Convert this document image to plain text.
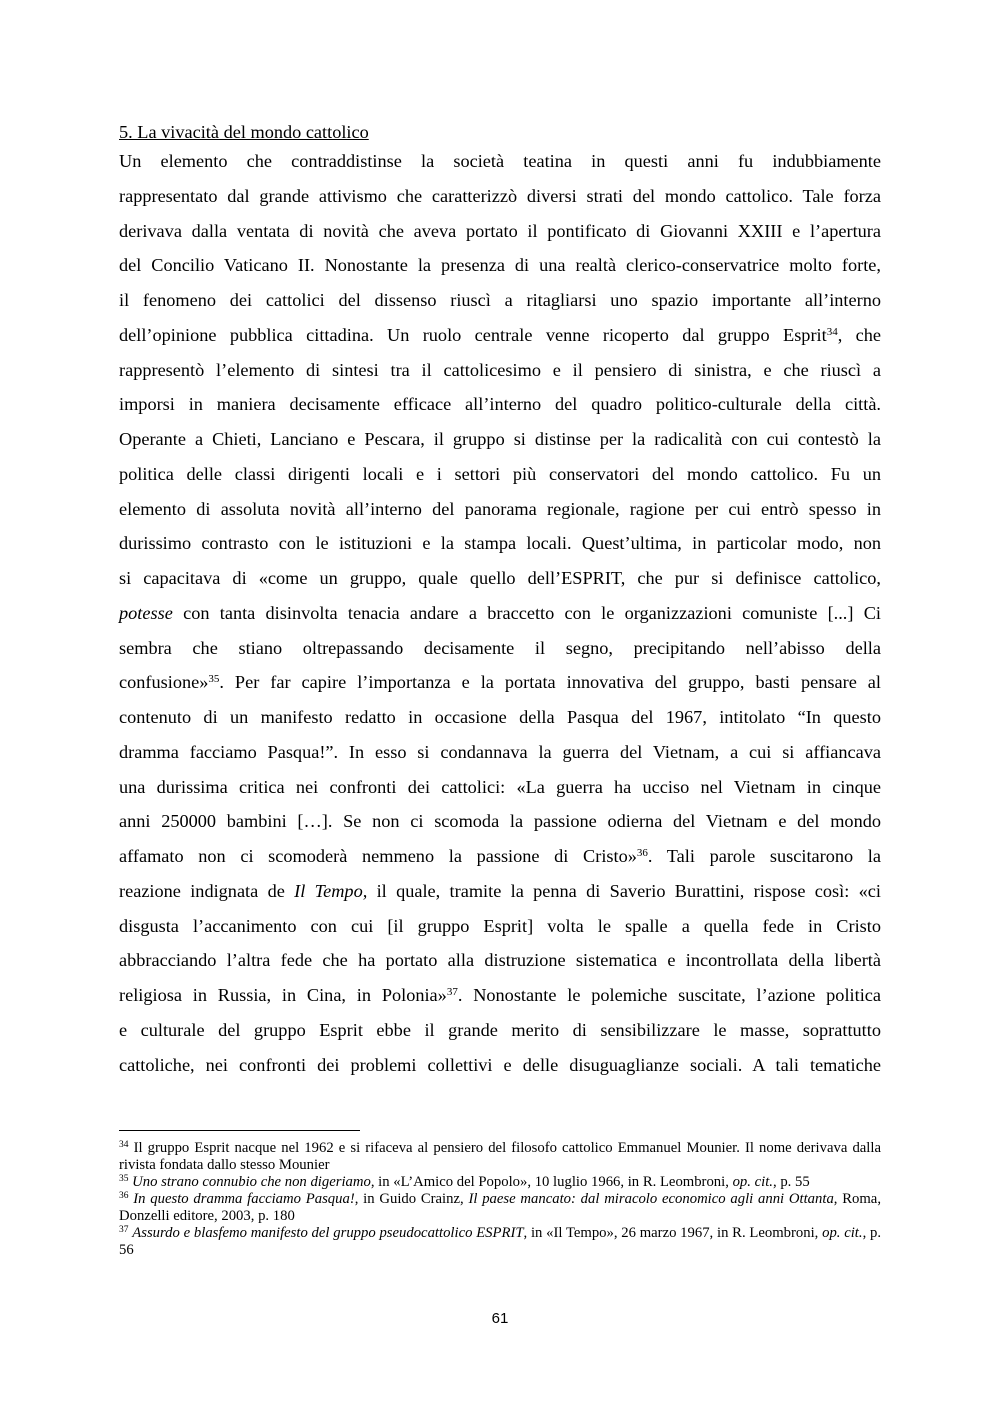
5. La vivacità del mondo cattolico

Un elemento che contraddistinse la società teatina in questi anni fu indubbiamente
rappresentato dal grande attivismo che caratterizzò diversi strati del mondo cattolico. Tale forza
derivava dalla ventata di novità che aveva portato il pontificato di Giovanni XXIII e l’apertura
del Concilio Vaticano II. Nonostante la presenza di una realtà clerico-conservatrice molto forte,
il fenomeno dei cattolici del dissenso riuscì a ritagliarsi uno spazio importante all’interno
dell’opinione pubblica cittadina. Un ruolo centrale venne ricoperto dal gruppo Esprit$^{34}$, che
rappresentò l’elemento di sintesi tra il cattolicesimo e il pensiero di sinistra, e che riuscì a
imporsi in maniera decisamente efficace all’interno del quadro politico-culturale della città.
Operante a Chieti, Lanciano e Pescara, il gruppo si distinse per la radicalità con cui contestò la
politica delle classi dirigenti locali e i settori più conservatori del mondo cattolico. Fu un
elemento di assoluta novità all’interno del panorama regionale, ragione per cui entrò spesso in
durissimo contrasto con le istituzioni e la stampa locali. Quest’ultima, in particolar modo, non
si capacitava di «come un gruppo, quale quello dell’ESPRIT, che pur si definisce cattolico,
potesse con tanta disinvolta tenacia andare a braccetto con le organizzazioni comuniste [...] Ci
sembra che stiano oltrepassando decisamente il segno, precipitando nell’abisso della
confusione»$^{35}$. Per far capire l’importanza e la portata innovativa del gruppo, basti pensare al
contenuto di un manifesto redatto in occasione della Pasqua del 1967, intitolato “In questo
dramma facciamo Pasqua!”. In esso si condannava la guerra del Vietnam, a cui si affiancava
una durissima critica nei confronti dei cattolici: «La guerra ha ucciso nel Vietnam in cinque
anni 250000 bambini […]. Se non ci scomoda la passione odierna del Vietnam e del mondo
affamato non ci scomoderà nemmeno la passione di Cristo»$^{36}$. Tali parole suscitarono la
reazione indignata de Il Tempo, il quale, tramite la penna di Saverio Burattini, rispose così: «ci
disgusta l’accanimento con cui [il gruppo Esprit] volta le spalle a quella fede in Cristo
abbracciando l’altra fede che ha portato alla distruzione sistematica e incontrollata della libertà
religiosa in Russia, in Cina, in Polonia»$^{37}$. Nonostante le polemiche suscitate, l’azione politica
e culturale del gruppo Esprit ebbe il grande merito di sensibilizzare le masse, soprattutto
cattoliche, nei confronti dei problemi collettivi e delle disuguaglianze sociali. A tali tematiche

$^{34}$ Il gruppo Esprit nacque nel 1962 e si rifaceva al pensiero del filosofo cattolico Emmanuel Mounier. Il nome derivava dalla rivista fondata dallo stesso Mounier

$^{35}$ Uno strano connubio che non digeriamo, in «L’Amico del Popolo», 10 luglio 1966, in R. Leombroni, op. cit., p. 55

$^{36}$ In questo dramma facciamo Pasqua!, in Guido Crainz, Il paese mancato: dal miracolo economico agli anni Ottanta, Roma, Donzelli editore, 2003, p. 180

$^{37}$ Assurdo e blasfemo manifesto del gruppo pseudocattolico ESPRIT, in «Il Tempo», 26 marzo 1967, in R. Leombroni, op. cit., p. 56

61
